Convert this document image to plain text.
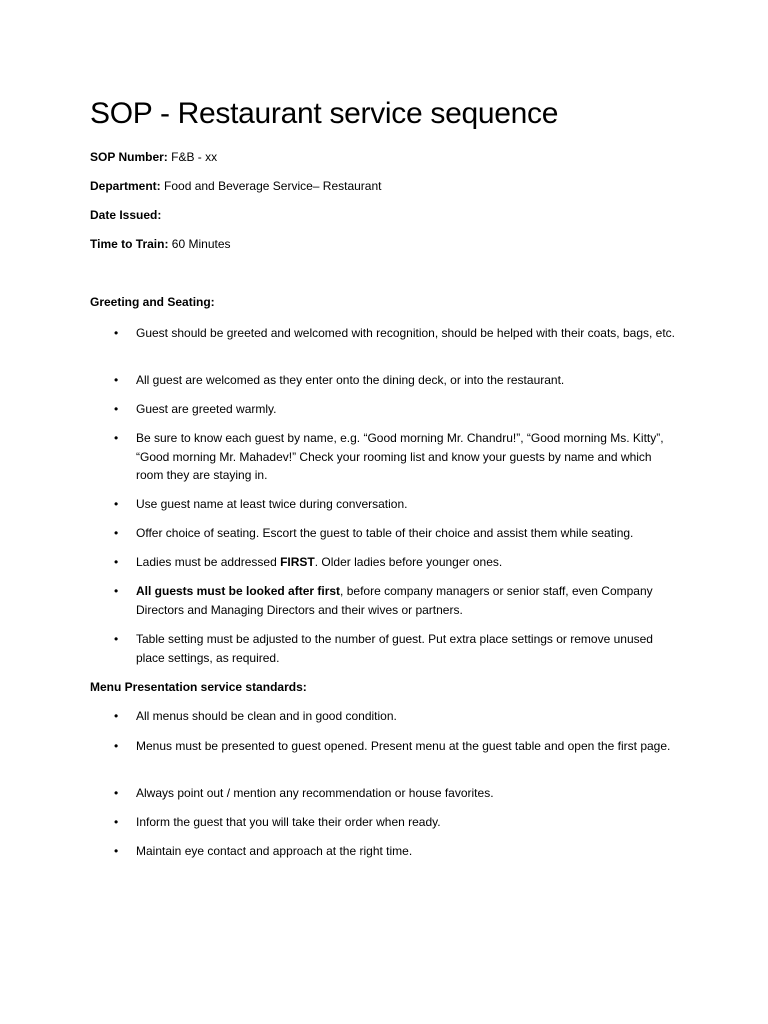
SOP - Restaurant service sequence
SOP Number: F&B - xx
Department: Food and Beverage Service– Restaurant
Date Issued:
Time to Train: 60 Minutes
Greeting and Seating:
• Guest should be greeted and welcomed with recognition, should be helped with their coats, bags, etc.
• All guest are welcomed as they enter onto the dining deck, or into the restaurant.
• Guest are greeted warmly.
• Be sure to know each guest by name, e.g. “Good morning Mr. Chandru!”, “Good morning Ms. Kitty”, “Good morning Mr. Mahadev!” Check your rooming list and know your guests by name and which room they are staying in.
• Use guest name at least twice during conversation.
• Offer choice of seating. Escort the guest to table of their choice and assist them while seating.
• Ladies must be addressed FIRST. Older ladies before younger ones.
• All guests must be looked after first, before company managers or senior staff, even Company Directors and Managing Directors and their wives or partners.
• Table setting must be adjusted to the number of guest. Put extra place settings or remove unused place settings, as required.
Menu Presentation service standards:
• All menus should be clean and in good condition.
• Menus must be presented to guest opened. Present menu at the guest table and open the first page.
• Always point out / mention any recommendation or house favorites.
• Inform the guest that you will take their order when ready.
• Maintain eye contact and approach at the right time.
